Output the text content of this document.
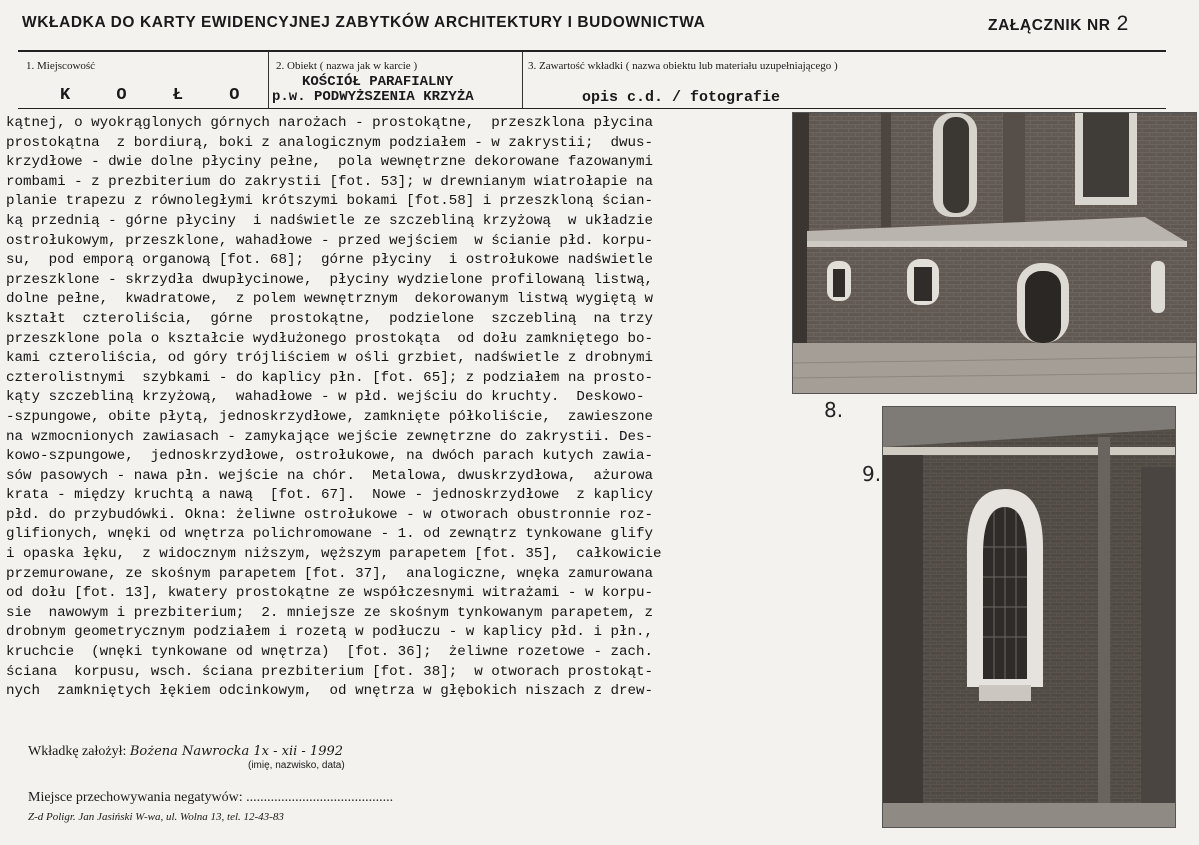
WKŁADKA DO KARTY EWIDENCYJNEJ ZABYTKÓW ARCHITEKTURY I BUDOWNICTWA	ZAŁĄCZNIK NR 2
1. Miejscowość
K O Ł O
2. Obiekt ( nazwa jak w karcie )
KOŚCIÓŁ PARAFIALNY
p.w. PODWYŻSZENIA KRZYŻA
3. Zawartość wkładki ( nazwa obiektu lub materiału uzupełniającego )
opis c.d. / fotografie
kątnej, o wyokrąglonych górnych narożach - prostokątne,  przeszklona płycina
prostokątna  z bordiurą, boki z analogicznym podziałem - w zakrystii;  dwus-
krzydłowe - dwie dolne płyciny pełne,  pola wewnętrzne dekorowane fazowanymi
rombami - z prezbiterium do zakrystii [fot. 53]; w drewnianym wiatrołapie na
planie trapezu z równoległymi krótszymi bokami [fot.58] i przeszkloną ścian-
ką przednią - górne płyciny  i nadświetle ze szczebliną krzyżową  w układzie
ostrołukowym, przeszklone, wahadłowe - przed wejściem  w ścianie płd. korpu-
su,  pod emporą organową [fot. 68];  górne płyciny  i ostrołukowe nadświetle
przeszklone - skrzydła dwupłycinowe,  płyciny wydzielone profilowaną listwą,
dolne pełne,  kwadratowe,  z polem wewnętrznym  dekorowanym listwą wygiętą w
kształt  czteroliścia,  górne  prostokątne,  podzielone  szczebliną  na trzy
przeszklone pola o kształcie wydłużonego prostokąta  od dołu zamkniętego bo-
kami czteroliścia, od góry trójliściem w ośli grzbiet, nadświetle z drobnymi
czterolistnymi  szybkami - do kaplicy płn. [fot. 65]; z podziałem na prosto-
kąty szczebliną krzyżową,  wahadłowe - w płd. wejściu do kruchty.  Deskowo-
-szpungowe, obite płytą, jednoskrzydłowe, zamknięte półkoliście,  zawieszone
na wzmocnionych zawiasach - zamykające wejście zewnętrzne do zakrystii. Des-
kowo-szpungowe,  jednoskrzydłowe, ostrołukowe, na dwóch parach kutych zawia-
sów pasowych - nawa płn. wejście na chór.  Metalowa, dwuskrzydłowa,  ażurowa
krata - między kruchtą a nawą  [fot. 67].  Nowe - jednoskrzydłowe  z kaplicy
płd. do przybudówki. Okna: żeliwne ostrołukowe - w otworach obustronnie roz-
glifionych, wnęki od wnętrza polichromowane - 1. od zewnątrz tynkowane glify
i opaska łęku,  z widocznym niższym, węższym parapetem [fot. 35],  całkowicie
przemurowane, ze skośnym parapetem [fot. 37],  analogiczne, wnęka zamurowana
od dołu [fot. 13], kwatery prostokątne ze współczesnymi witrażami - w korpu-
sie  nawowym i prezbiterium;  2. mniejsze ze skośnym tynkowanym parapetem, z
drobnym geometrycznym podziałem i rozetą w podłuczu - w kaplicy płd. i płn.,
kruchcie  (wnęki tynkowane od wnętrza)  [fot. 36];  żeliwne rozetowe - zach.
ściana  korpusu, wsch. ściana prezbiterium [fot. 38];  w otworach prostokąt-
nych  zamkniętych łękiem odcinkowym,  od wnętrza w głębokich niszach z drew-
8.
9.
Wkładkę założył: Bożena Nawrocka 1x - xii - 1992
(imię, nazwisko, data)
Miejsce przechowywania negatywów: ..........................................
Z-d Poligr. Jan Jasiński W-wa, ul. Wolna 13, tel. 12-43-83
